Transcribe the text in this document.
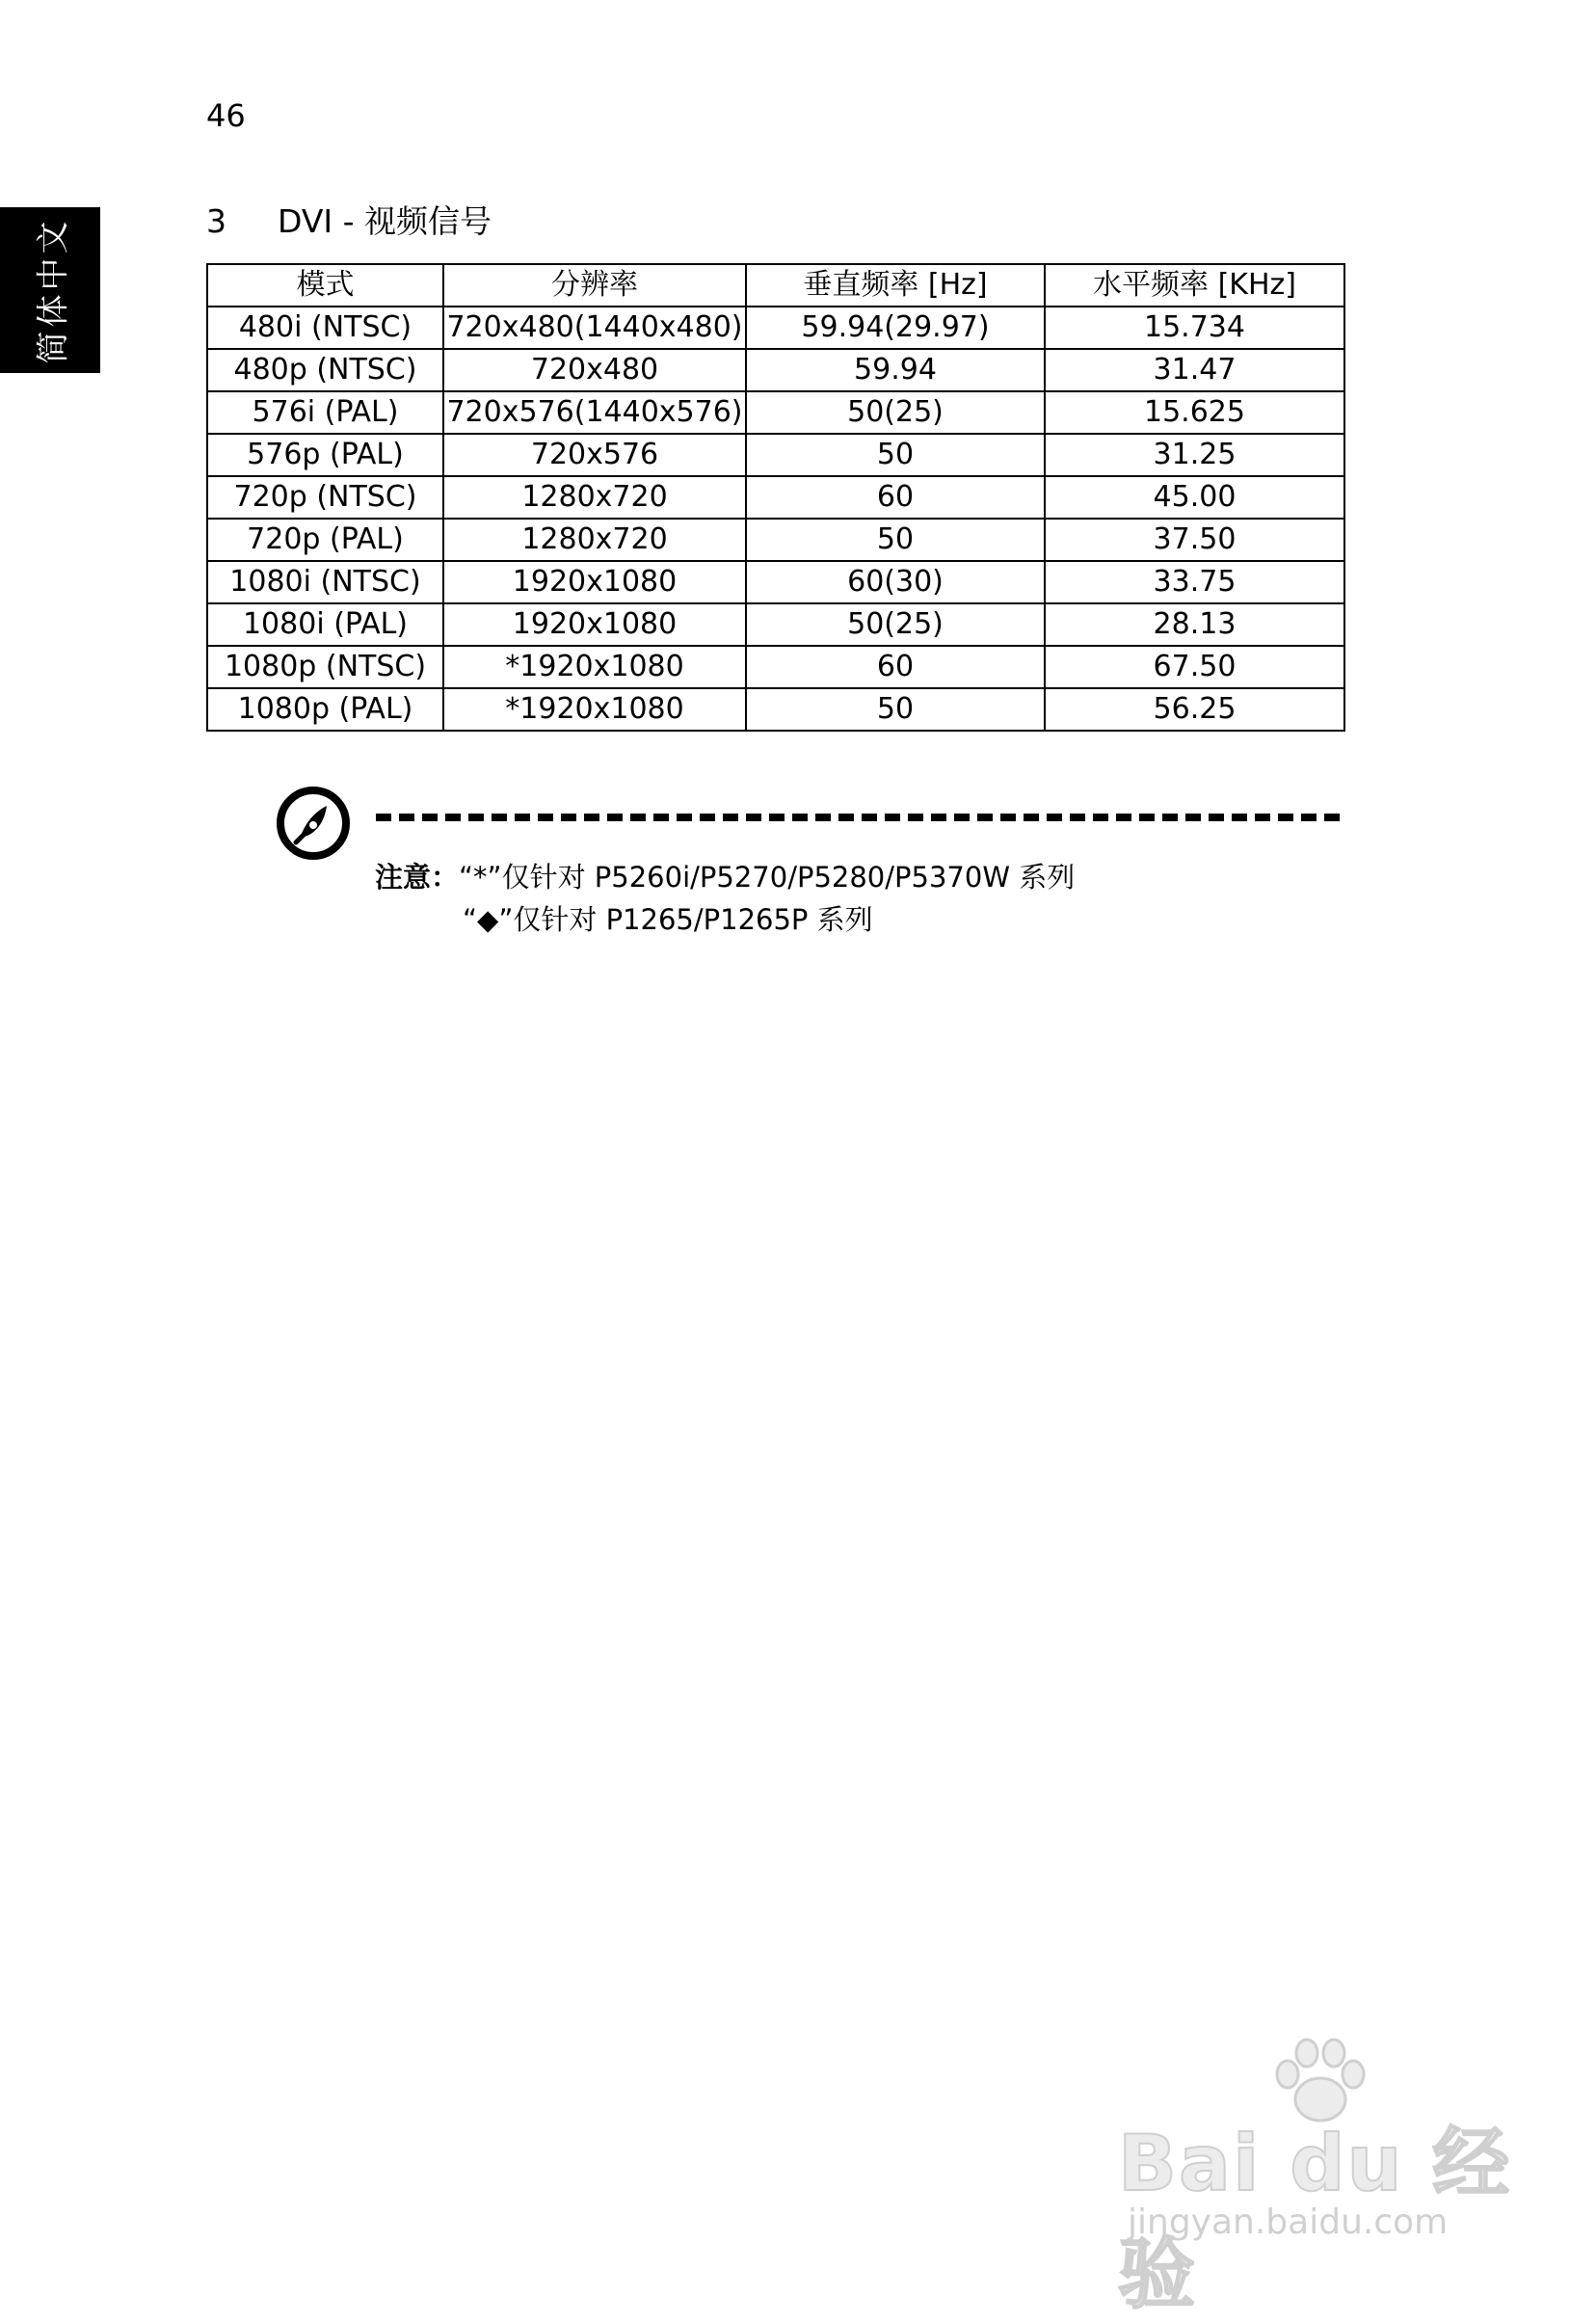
46
简体中文	3	DVI - 视频信号
模式	分辨率	垂直频率 [Hz]	水平频率 [KHz]
480i (NTSC)	720x480(1440x480)	59.94(29.97)	15.734
480p (NTSC)	720x480	59.94	31.47
576i (PAL)	720x576(1440x576)	50(25)	15.625
576p (PAL)	720x576	50	31.25
720p (NTSC)	1280x720	60	45.00
720p (PAL)	1280x720	50	37.50
1080i (NTSC)	1920x1080	60(30)	33.75
1080i (PAL)	1920x1080	50(25)	28.13
1080p (NTSC)	*1920x1080	60	67.50
1080p (PAL)	*1920x1080	50	56.25
注意：“*”仅针对 P5260i/P5270/P5280/P5370W 系列
“◆”仅针对 P1265/P1265P 系列
Bai du 经验
jingyan.baidu.com
